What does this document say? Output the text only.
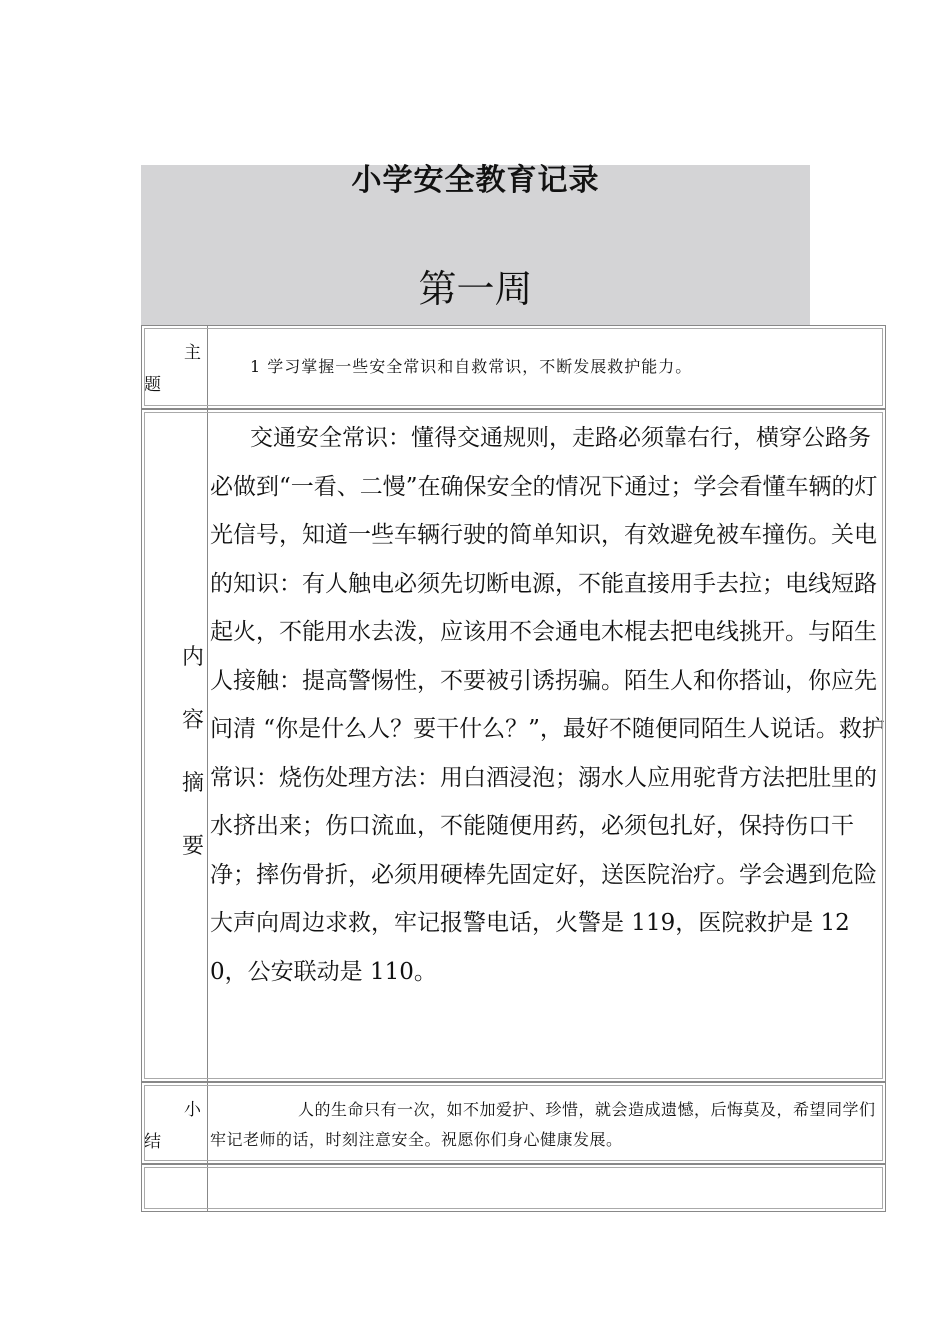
小学安全教育记录
第一周
主
题
1 学习掌握一些安全常识和自救常识，不断发展救护能力。
内
容
摘
要
交通安全常识：懂得交通规则，走路必须靠右行，横穿公路务必做到“一看、二慢”在确保安全的情况下通过；学会看懂车辆的灯光信号，知道一些车辆行驶的简单知识，有效避免被车撞伤。关电的知识：有人触电必须先切断电源，不能直接用手去拉；电线短路起火，不能用水去泼，应该用不会通电木棍去把电线挑开。与陌生人接触：提高警惕性，不要被引诱拐骗。陌生人和你搭讪，你应先问清 “你是什么人？要干什么？”，最好不随便同陌生人说话。救护常识：烧伤处理方法：用白酒浸泡；溺水人应用驼背方法把肚里的水挤出来；伤口流血，不能随便用药，必须包扎好，保持伤口干净；摔伤骨折，必须用硬棒先固定好，送医院治疗。学会遇到危险大声向周边求救，牢记报警电话，火警是 119，医院救护是 120，公安联动是 110。
小
结
人的生命只有一次，如不加爱护、珍惜，就会造成遗憾，后悔莫及，希望同学们牢记老师的话，时刻注意安全。祝愿你们身心健康发展。
